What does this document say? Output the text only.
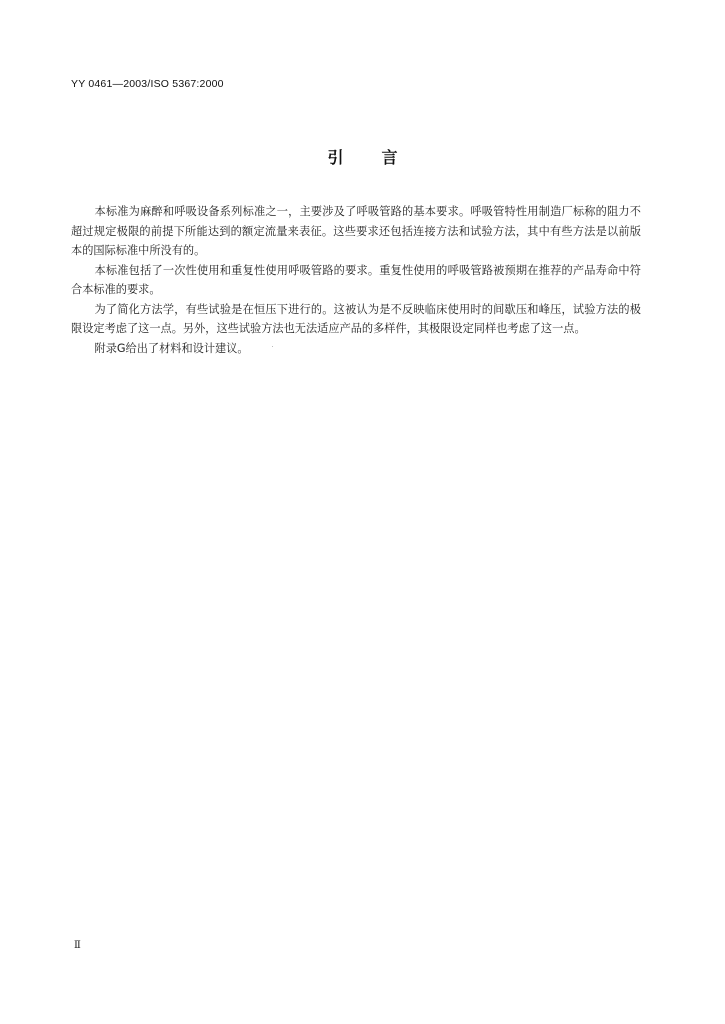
YY 0461—2003/ISO 5367:2000
引 言

本标准为麻醉和呼吸设备系列标准之一，主要涉及了呼吸管路的基本要求。呼吸管特性用制造厂标称的阻力不超过规定极限的前提下所能达到的额定流量来表征。这些要求还包括连接方法和试验方法，其中有些方法是以前版本的国际标准中所没有的。

本标准包括了一次性使用和重复性使用呼吸管路的要求。重复性使用的呼吸管路被预期在推荐的产品寿命中符合本标准的要求。

为了简化方法学，有些试验是在恒压下进行的。这被认为是不反映临床使用时的间歇压和峰压，试验方法的极限设定考虑了这一点。另外，这些试验方法也无法适应产品的多样件，其极限设定同样也考虑了这一点。

附录G给出了材料和设计建议。

Ⅱ
